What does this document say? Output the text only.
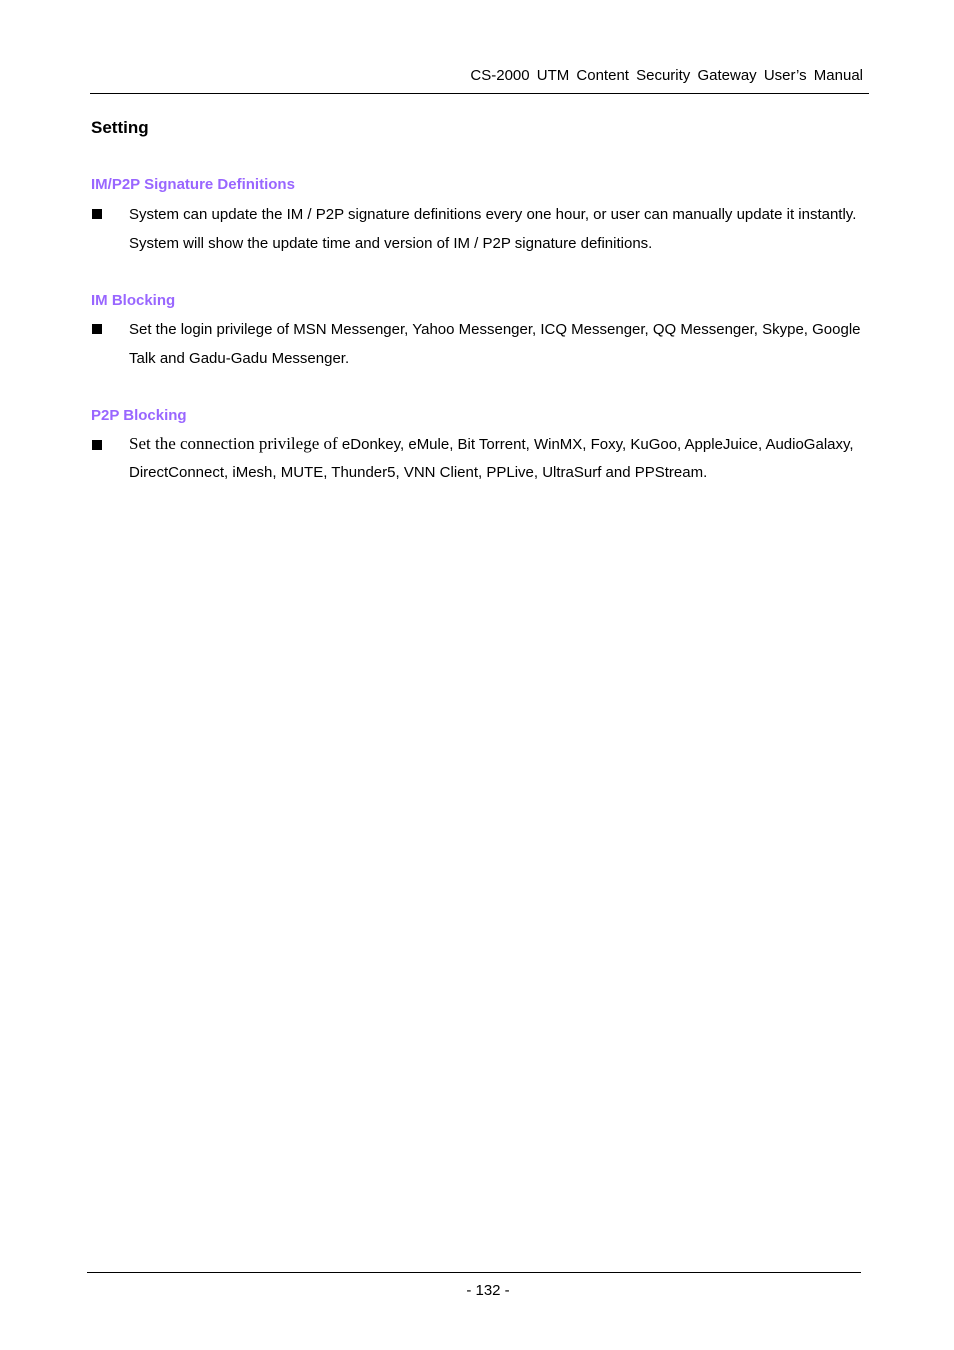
CS-2000 UTM Content Security Gateway User’s Manual
Setting
IM/P2P Signature Definitions
System can update the IM / P2P signature definitions every one hour, or user can manually update it instantly. System will show the update time and version of IM / P2P signature definitions.
IM Blocking
Set the login privilege of MSN Messenger, Yahoo Messenger, ICQ Messenger, QQ Messenger, Skype, Google Talk and Gadu-Gadu Messenger.
P2P Blocking
Set the connection privilege of eDonkey, eMule, Bit Torrent, WinMX, Foxy, KuGoo, AppleJuice, AudioGalaxy, DirectConnect, iMesh, MUTE, Thunder5, VNN Client, PPLive, UltraSurf and PPStream.
- 132 -
